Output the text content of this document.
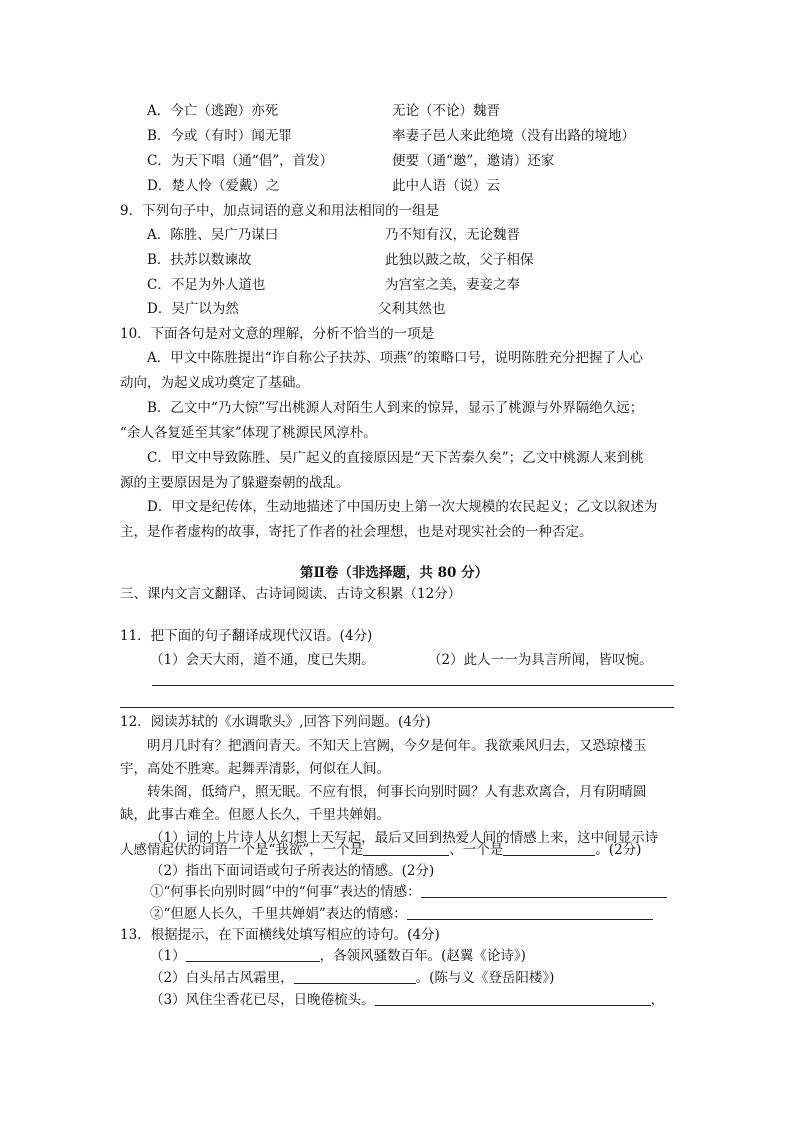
A．今亡（逃跑）亦死	无论（不论）魏晋
B．今或（有时）闻无罪	率妻子邑人来此绝境（没有出路的境地）
C．为天下唱（通“倡”，首发）	便要（通“邀”，邀请）还家
D．楚人怜（爱戴）之	此中人语（说）云
9．下列句子中，加点词语的意义和用法相同的一组是
A．陈胜、吴广乃谋曰	乃不知有汉，无论魏晋
B．扶苏以数谏故	此独以跛之故，父子相保
C．不足为外人道也	为宫室之美，妻妾之奉
D．吴广以为然	父利其然也
10．下面各句是对文意的理解，分析不恰当的一项是
A．甲文中陈胜提出“诈自称公子扶苏、项燕”的策略口号，说明陈胜充分把握了人心
动向，为起义成功奠定了基础。
B．乙文中“乃大惊”写出桃源人对陌生人到来的惊异，显示了桃源与外界隔绝久远；
“余人各复延至其家”体现了桃源民风淳朴。
C．甲文中导致陈胜、吴广起义的直接原因是“天下苦秦久矣”；乙文中桃源人来到桃
源的主要原因是为了躲避秦朝的战乱。
D．甲文是纪传体，生动地描述了中国历史上第一次大规模的农民起义；乙文以叙述为
主，是作者虚构的故事，寄托了作者的社会理想，也是对现实社会的一种否定。
第Ⅱ卷（非选择题，共 80 分）
三、课内文言文翻译、古诗词阅读、古诗文积累（12分）
11．把下面的句子翻译成现代汉语。(4分)
（1）会天大雨，道不通，度已失期。	（2）此人一一为具言所闻，皆叹惋。
12．阅读苏轼的《水调歌头》,回答下列问题。(4分)
明月几时有？把酒问青天。不知天上宫阙，今夕是何年。我欲乘风归去，又恐琼楼玉
宇，高处不胜寒。起舞弄清影，何似在人间。
转朱阁，低绮户，照无眠。不应有恨，何事长向别时圆？人有悲欢离合，月有阴晴圆
缺，此事古难全。但愿人长久，千里共婵娟。
（1）词的上片诗人从幻想上天写起，最后又回到热爱人间的情感上来，这中间显示诗
人感情起伏的词语一个是“我欲”，一个是	、一个是	。(2分)
（2）指出下面词语或句子所表达的情感。(2分)
①“何事长向别时圆”中的“何事”表达的情感：
②“但愿人长久，千里共婵娟”表达的情感：
13．根据提示，在下面横线处填写相应的诗句。(4分)
（1）	，各领风骚数百年。(赵翼《论诗》)
（2）白头吊古风霜里，	。(陈与义《登岳阳楼》)
（3）风住尘香花已尽，日晚倦梳头。	，
